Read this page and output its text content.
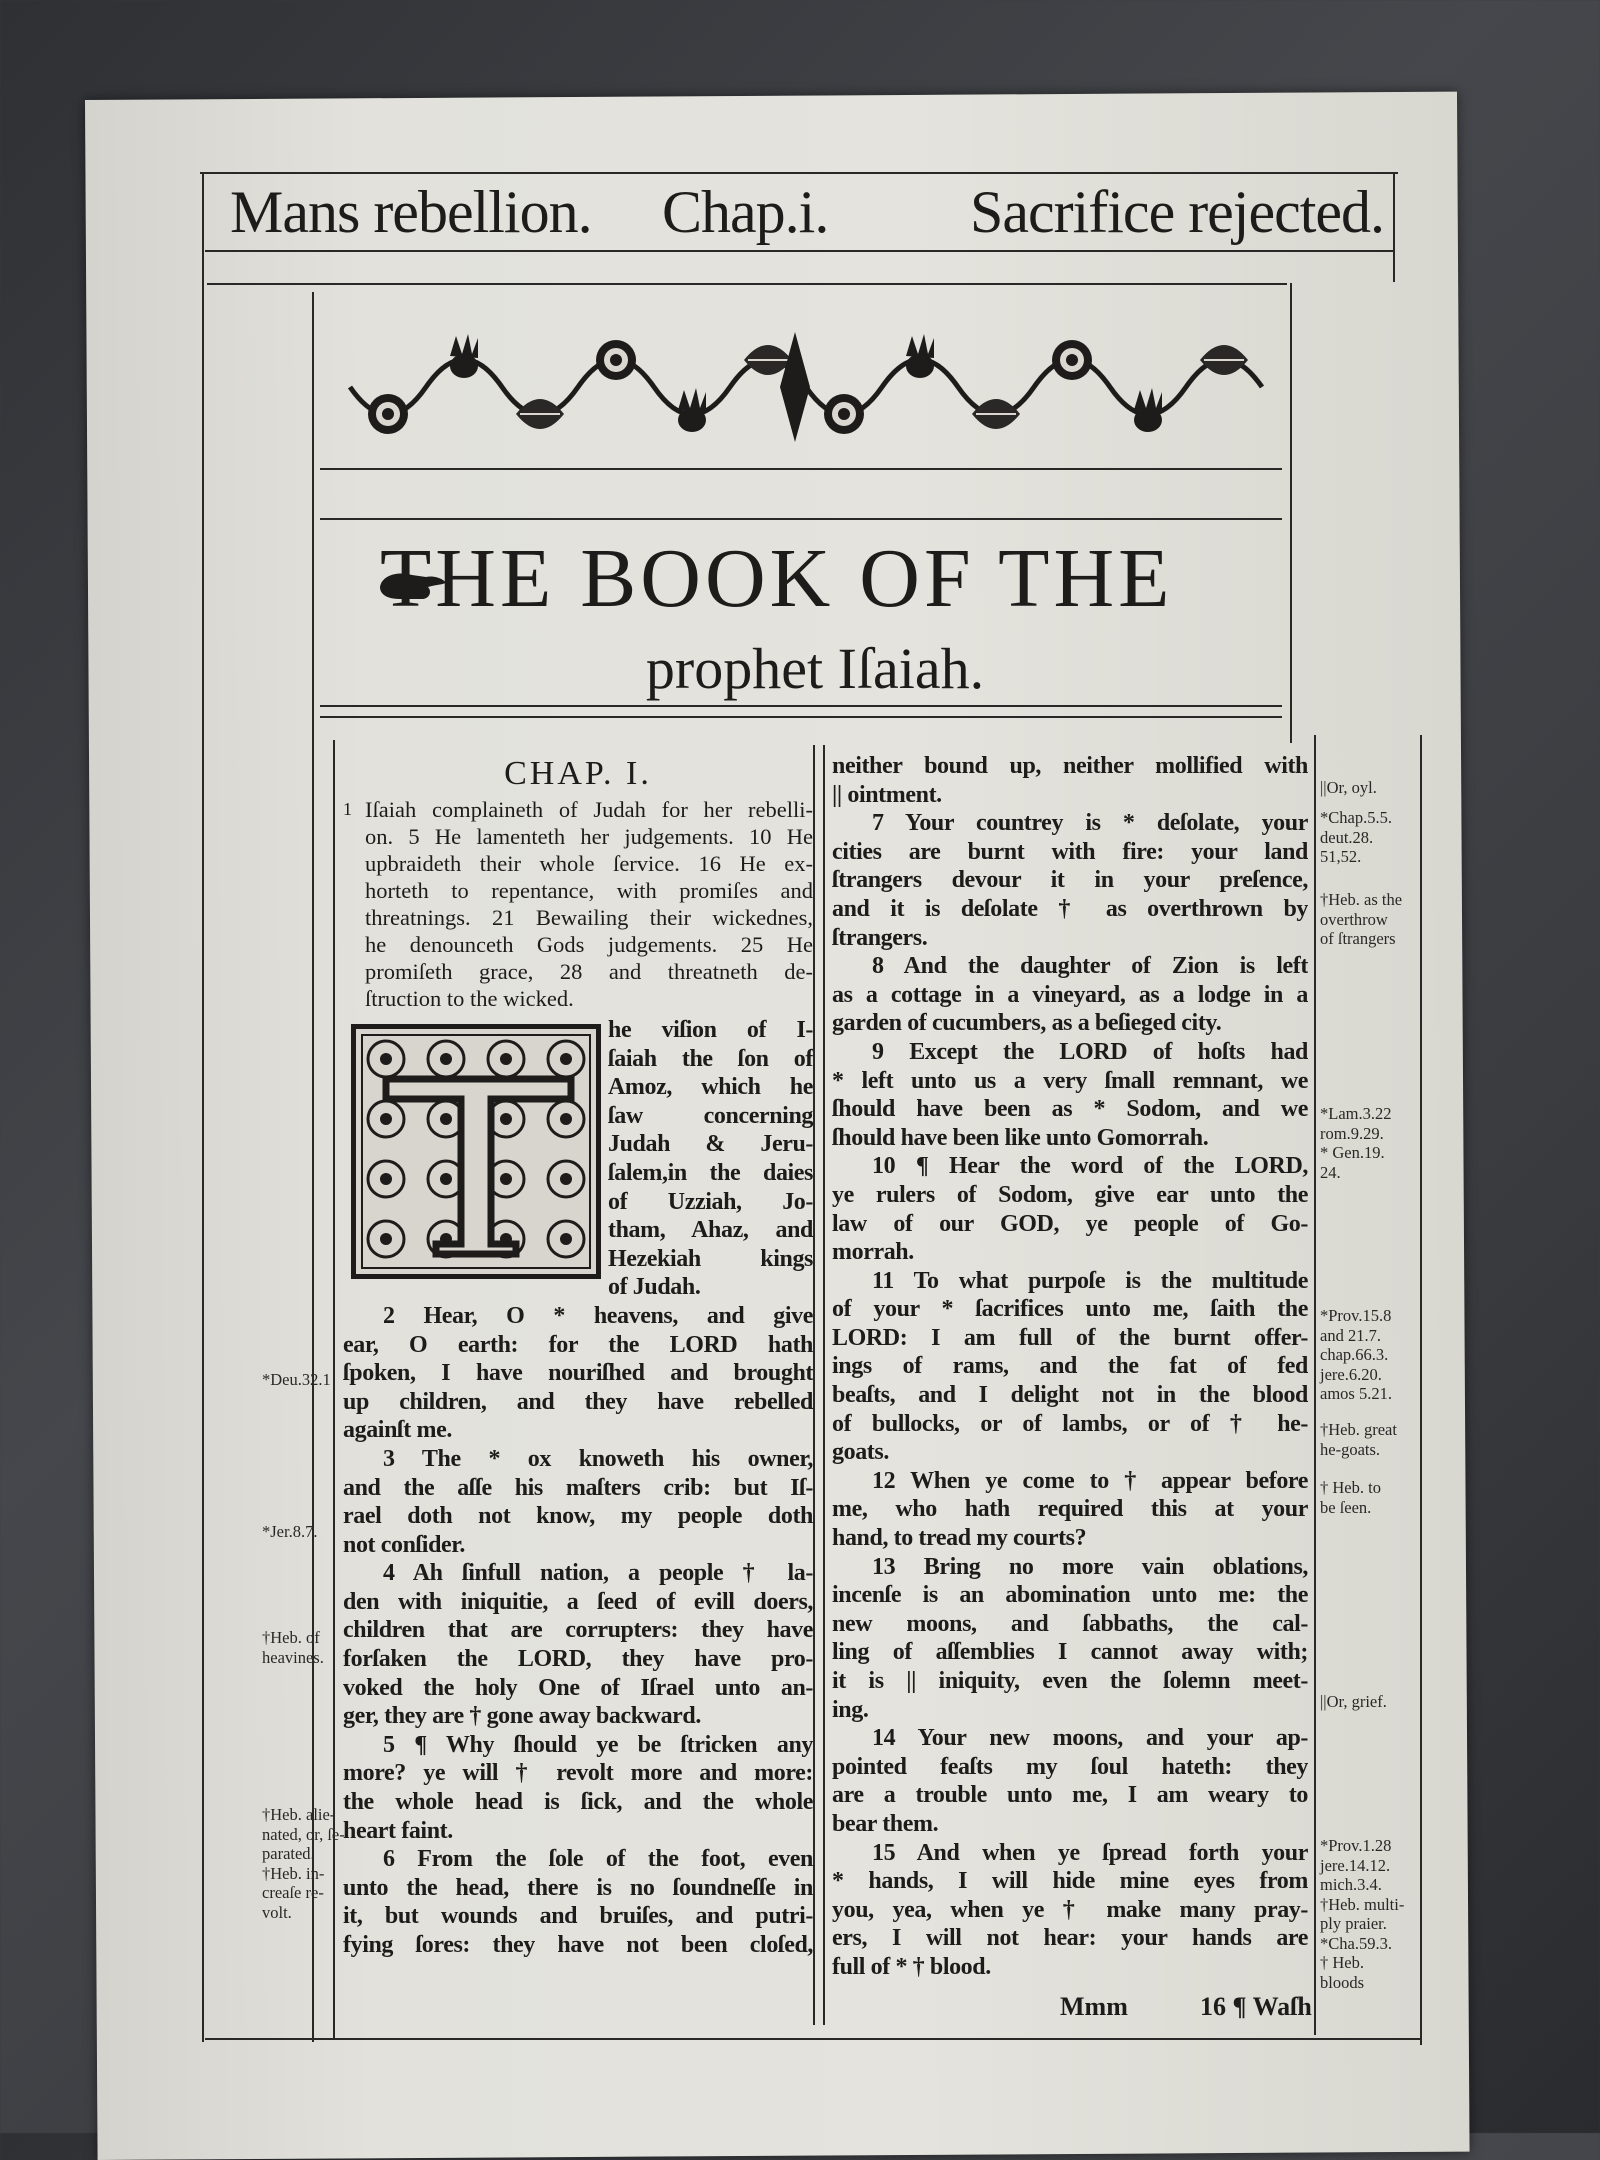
Mans rebellion. Chap.i. Sacrifice rejected.
THE BOOK OF THE
prophet Iſaiah.
CHAP. I.
1 Iſaiah complaineth of Judah for her rebelli-
on. 5 He lamenteth her judgements. 10 He
upbraideth their whole ſervice. 16 He ex-
horteth to repentance, with promiſes and
threatnings. 21 Bewailing their wickednes,
he denounceth Gods judgements. 25 He
promiſeth grace, 28 and threatneth de-
ſtruction to the wicked.
he viſion of I-
ſaiah the ſon of
Amoz, which he
ſaw concerning
Judah & Jeru-
ſalem,in the daies
of Uzziah, Jo-
tham, Ahaz, and
Hezekiah kings
of Judah.
2 Hear, O * heavens, and give
ear, O earth: for the LORD hath
ſpoken, I have nouriſhed and brought
up children, and they have rebelled
againſt me.
3 The * ox knoweth his owner,
and the aſſe his maſters crib: but Iſ-
rael doth not know, my people doth
not conſider.
4 Ah ſinfull nation, a people † la-
den with iniquitie, a ſeed of evill doers,
children that are corrupters: they have
forſaken the LORD, they have pro-
voked the holy One of Iſrael unto an-
ger, they are † gone away backward.
5 ¶ Why ſhould ye be ſtricken any
more? ye will † revolt more and more:
the whole head is ſick, and the whole
heart faint.
6 From the ſole of the foot, even
unto the head, there is no ſoundneſſe in
it, but wounds and bruiſes, and putri-
fying ſores: they have not been cloſed,
neither bound up, neither mollified with
|| ointment.
7 Your countrey is * deſolate, your
cities are burnt with fire: your land
ſtrangers devour it in your preſence,
and it is deſolate † as overthrown by
ſtrangers.
8 And the daughter of Zion is left
as a cottage in a vineyard, as a lodge in a
garden of cucumbers, as a beſieged city.
9 Except the LORD of hoſts had
* left unto us a very ſmall remnant, we
ſhould have been as * Sodom, and we
ſhould have been like unto Gomorrah.
10 ¶ Hear the word of the LORD,
ye rulers of Sodom, give ear unto the
law of our GOD, ye people of Go-
morrah.
11 To what purpoſe is the multitude
of your * ſacrifices unto me, ſaith the
LORD: I am full of the burnt offer-
ings of rams, and the fat of fed
beaſts, and I delight not in the blood
of bullocks, or of lambs, or of † he-
goats.
12 When ye come to † appear before
me, who hath required this at your
hand, to tread my courts?
13 Bring no more vain oblations,
incenſe is an abomination unto me: the
new moons, and ſabbaths, the cal-
ling of aſſemblies I cannot away with;
it is || iniquity, even the ſolemn meet-
ing.
14 Your new moons, and your ap-
pointed feaſts my ſoul hateth: they
are a trouble unto me, I am weary to
bear them.
15 And when ye ſpread forth your
* hands, I will hide mine eyes from
you, yea, when ye † make many pray-
ers, I will not hear: your hands are
full of * † blood.
*Deu.32.1
*Jer.8.7.
†Heb. of
heavines.
†Heb. alie-
nated, or, ſe-
parated.
†Heb. in-
creaſe re-
volt.
||Or, oyl.
*Chap.5.5.
deut.28.
51,52.
†Heb. as the
overthrow
of ſtrangers
*Lam.3.22
rom.9.29.
* Gen.19.
24.
*Prov.15.8
and 21.7.
chap.66.3.
jere.6.20.
amos 5.21.
†Heb. great
he-goats.
† Heb. to
be ſeen.
||Or, grief.
*Prov.1.28
jere.14.12.
mich.3.4.
†Heb. multi-
ply praier.
*Cha.59.3.
† Heb.
bloods
Mmm	16 ¶ Waſh
